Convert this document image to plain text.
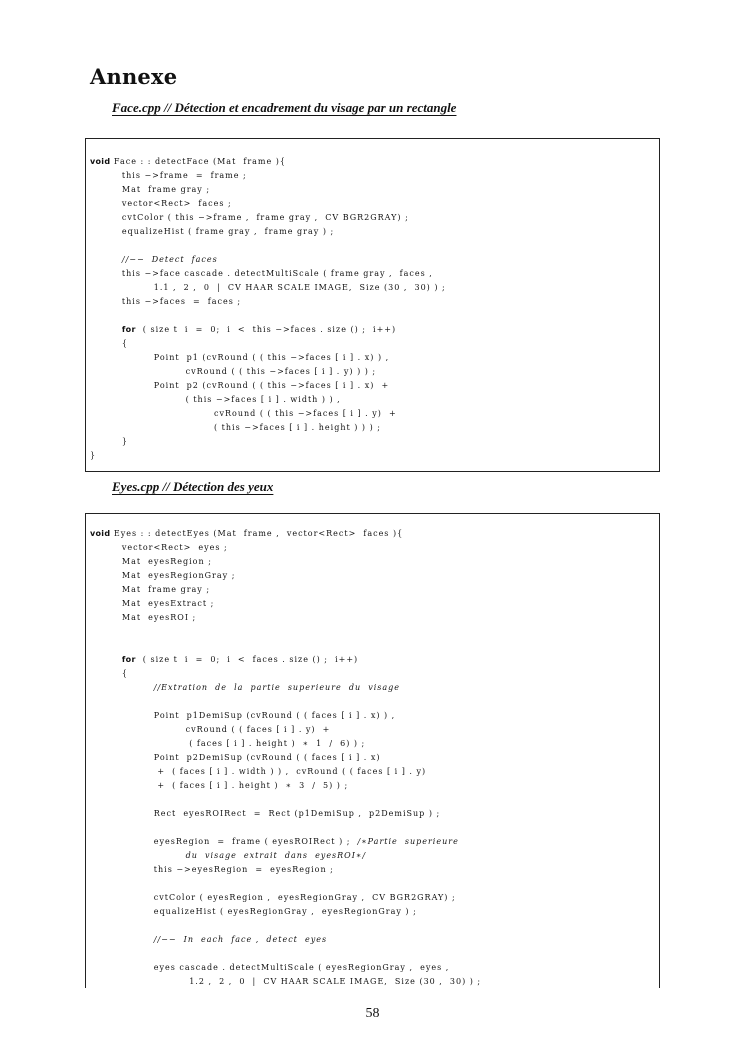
Annexe
Face.cpp // Détection et encadrement du visage par un rectangle
void Face : : detectFace (Mat  frame ){
this −>frame  =  frame ;
Mat  frame gray ;
vector<Rect>  faces ;
cvtColor ( this −>frame ,  frame gray ,  CV BGR2GRAY) ;
equalizeHist ( frame gray ,  frame gray ) ;
//−−  Detect  faces
this −>face cascade . detectMultiScale ( frame gray ,  faces ,
1.1 ,  2 ,  0  |  CV HAAR SCALE IMAGE,  Size (30 ,  30) ) ;
this −>faces  =  faces ;
for  ( size t  i  =  0;  i  <  this −>faces . size () ;  i++)
{
Point  p1 (cvRound ( ( this −>faces [ i ] . x) ) ,
cvRound ( ( this −>faces [ i ] . y) ) ) ;
Point  p2 (cvRound ( ( this −>faces [ i ] . x)  +
( this −>faces [ i ] . width ) ) ,
cvRound ( ( this −>faces [ i ] . y)  +
( this −>faces [ i ] . height ) ) ) ;
}
}
Eyes.cpp // Détection des yeux
void Eyes : : detectEyes (Mat  frame ,  vector<Rect>  faces ){
vector<Rect>  eyes ;
Mat  eyesRegion ;
Mat  eyesRegionGray ;
Mat  frame gray ;
Mat  eyesExtract ;
Mat  eyesROI ;
for  ( size t  i  =  0;  i  <  faces . size () ;  i++)
{
//Extration  de  la  partie  superieure  du  visage
Point  p1DemiSup (cvRound ( ( faces [ i ] . x) ) ,
cvRound ( ( faces [ i ] . y)  +
( faces [ i ] . height )  ∗  1  /  6) ) ;
Point  p2DemiSup (cvRound ( ( faces [ i ] . x)
+  ( faces [ i ] . width ) ) ,  cvRound ( ( faces [ i ] . y)
+  ( faces [ i ] . height )  ∗  3  /  5) ) ;
Rect  eyesROIRect  =  Rect (p1DemiSup ,  p2DemiSup ) ;
eyesRegion  =  frame ( eyesROIRect ) ;  /∗Partie  superieure
du  visage  extrait  dans  eyesROI∗/
this −>eyesRegion  =  eyesRegion ;
cvtColor ( eyesRegion ,  eyesRegionGray ,  CV BGR2GRAY) ;
equalizeHist ( eyesRegionGray ,  eyesRegionGray ) ;
//−−  In  each  face ,  detect  eyes
eyes cascade . detectMultiScale ( eyesRegionGray ,  eyes ,
1.2 ,  2 ,  0  |  CV HAAR SCALE IMAGE,  Size (30 ,  30) ) ;
58
